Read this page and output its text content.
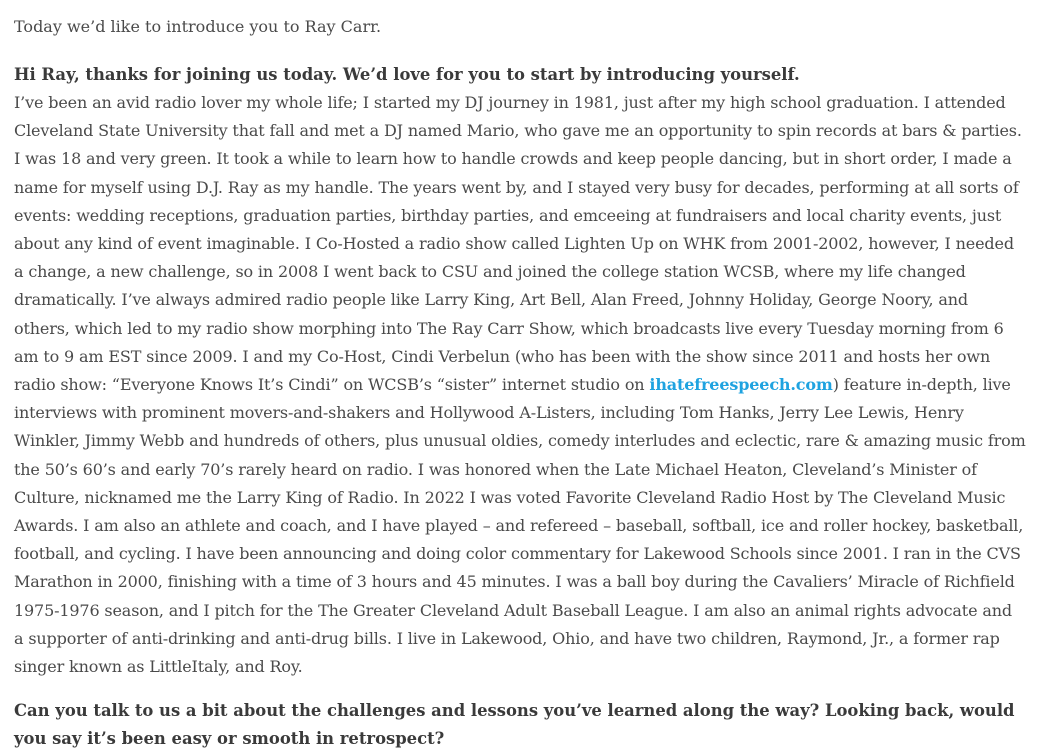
Today we’d like to introduce you to Ray Carr.

Hi Ray, thanks for joining us today. We’d love for you to start by introducing yourself.

I’ve been an avid radio lover my whole life; I started my DJ journey in 1981, just after my high school graduation. I attended Cleveland State University that fall and met a DJ named Mario, who gave me an opportunity to spin records at bars & parties. I was 18 and very green. It took a while to learn how to handle crowds and keep people dancing, but in short order, I made a name for myself using D.J. Ray as my handle. The years went by, and I stayed very busy for decades, performing at all sorts of events: wedding receptions, graduation parties, birthday parties, and emceeing at fundraisers and local charity events, just about any kind of event imaginable. I Co-Hosted a radio show called Lighten Up on WHK from 2001-2002, however, I needed a change, a new challenge, so in 2008 I went back to CSU and joined the college station WCSB, where my life changed dramatically. I’ve always admired radio people like Larry King, Art Bell, Alan Freed, Johnny Holiday, George Noory, and others, which led to my radio show morphing into The Ray Carr Show, which broadcasts live every Tuesday morning from 6 am to 9 am EST since 2009. I and my Co-Host, Cindi Verbelun (who has been with the show since 2011 and hosts her own radio show: “Everyone Knows It’s Cindi” on WCSB’s “sister” internet studio on ihatefreespeech.com) feature in-depth, live interviews with prominent movers-and-shakers and Hollywood A-Listers, including Tom Hanks, Jerry Lee Lewis, Henry Winkler, Jimmy Webb and hundreds of others, plus unusual oldies, comedy interludes and eclectic, rare & amazing music from the 50’s 60’s and early 70’s rarely heard on radio. I was honored when the Late Michael Heaton, Cleveland’s Minister of Culture, nicknamed me the Larry King of Radio. In 2022 I was voted Favorite Cleveland Radio Host by The Cleveland Music Awards. I am also an athlete and coach, and I have played – and refereed – baseball, softball, ice and roller hockey, basketball, football, and cycling. I have been announcing and doing color commentary for Lakewood Schools since 2001. I ran in the CVS Marathon in 2000, finishing with a time of 3 hours and 45 minutes. I was a ball boy during the Cavaliers’ Miracle of Richfield 1975-1976 season, and I pitch for the The Greater Cleveland Adult Baseball League. I am also an animal rights advocate and a supporter of anti-drinking and anti-drug bills. I live in Lakewood, Ohio, and have two children, Raymond, Jr., a former rap singer known as LittleItaly, and Roy.

Can you talk to us a bit about the challenges and lessons you’ve learned along the way? Looking back, would you say it’s been easy or smooth in retrospect?
